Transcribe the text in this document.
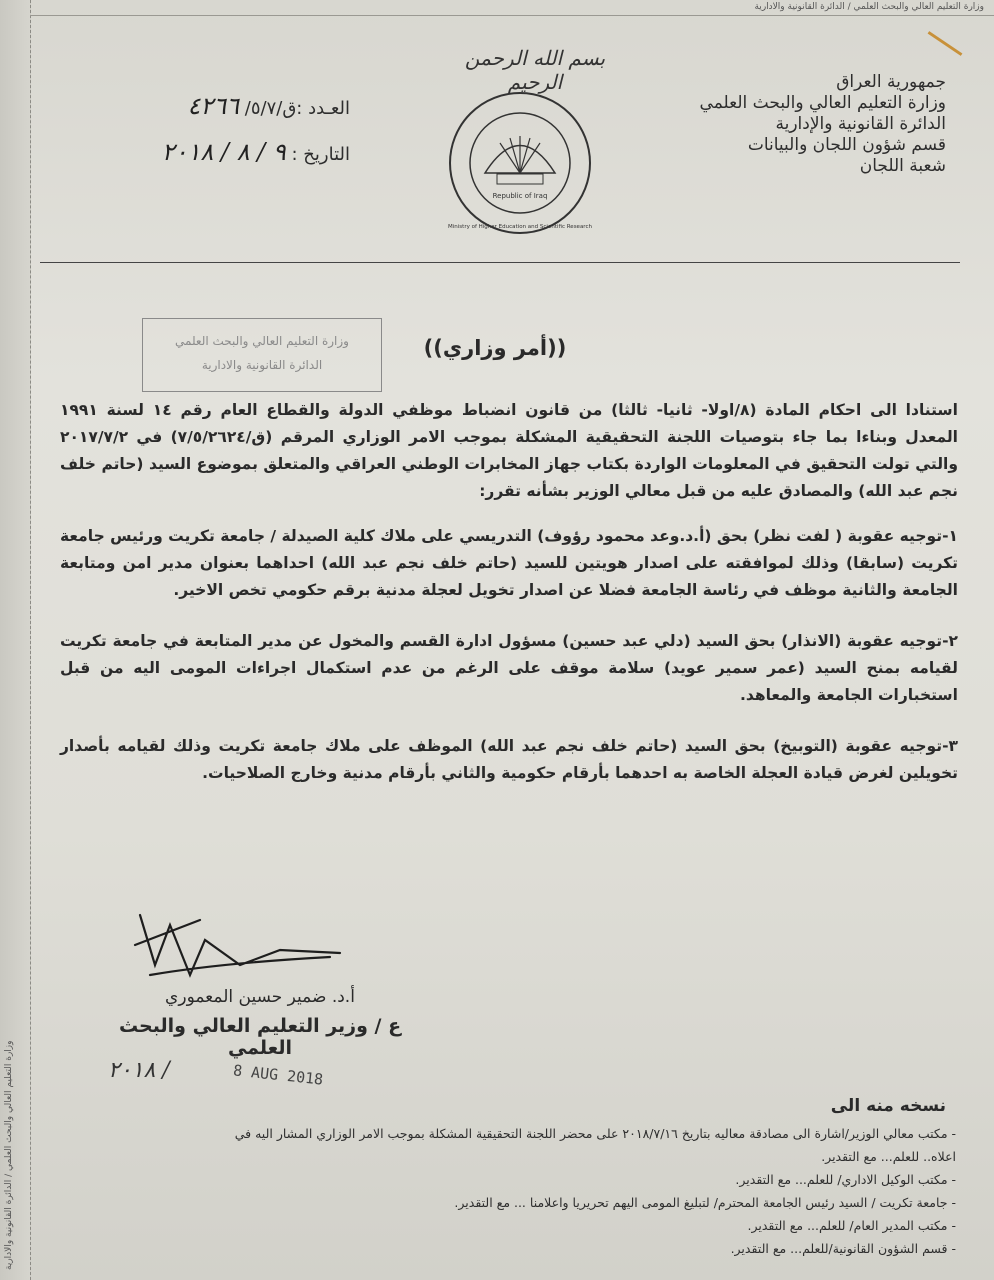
وزارة التعليم العالي والبحث العلمي / الدائرة القانونية والادارية
وزارة التعليم العالي والبحث العلمي / الدائرة القانونية والادارية
بسم الله الرحمن الرحيم	جمهورية العراق
وزارة التعليم العالي والبحث العلمي
الدائرة القانونية والإدارية
قسم شؤون اللجان والبيانات
شعبة اللجان
Republic of Iraq
Ministry of Higher Education and Scientific Research
العـدد :ق/٥/٧/ ٤٢٦٦
التاريخ : ٩ / ٨ / ٢٠١٨
وزارة التعليم العالي والبحث العلمي
الدائرة القانونية والادارية
((أمر وزاري))

استنادا الى احكام المادة (٨/اولا- ثانيا- ثالثا) من قانون انضباط موظفي الدولة والقطاع العام رقم ١٤ لسنة ١٩٩١ المعدل وبناءا بما جاء بتوصيات اللجنة التحقيقية المشكلة بموجب الامر الوزاري المرقم (ق/٧/٥/٢٦٢٤) في ٢٠١٧/٧/٢ والتي تولت التحقيق في المعلومات الواردة بكتاب جهاز المخابرات الوطني العراقي والمتعلق بموضوع السيد (حاتم خلف نجم عبد الله) والمصادق عليه من قبل معالي الوزير بشأنه تقرر:

١-توجيه عقوبة ( لفت نظر) بحق (أ.د.وعد محمود رؤوف) التدريسي على ملاك كلية الصيدلة / جامعة تكريت ورئيس جامعة تكريت (سابقا) وذلك لموافقته على اصدار هويتين للسيد (حاتم خلف نجم عبد الله) احداهما بعنوان مدير امن ومتابعة الجامعة والثانية موظف في رئاسة الجامعة فضلا عن اصدار تخويل لعجلة مدنية برقم حكومي تخص الاخير.

٢-توجيه عقوبة (الانذار) بحق السيد (دلي عبد حسين) مسؤول ادارة القسم والمخول عن مدير المتابعة في جامعة تكريت لقيامه بمنح السيد (عمر سمير عويد) سلامة موقف على الرغم من عدم استكمال اجراءات المومى اليه من قبل استخبارات الجامعة والمعاهد.

٣-توجيه عقوبة (التوبيخ) بحق السيد (حاتم خلف نجم عبد الله) الموظف على ملاك جامعة تكريت وذلك لقيامه بأصدار تخويلين لغرض قيادة العجلة الخاصة به احدهما بأرقام حكومية والثاني بأرقام مدنية وخارج الصلاحيات.

أ.د. ضمير حسين المعموري
ع / وزير التعليم العالي والبحث العلمي
/ ٢٠١٨	8 AUG 2018
نسخه منه الى
- مكتب معالي الوزير/اشارة الى مصادقة معاليه بتاريخ ٢٠١٨/٧/١٦ على محضر اللجنة التحقيقية المشكلة بموجب الامر الوزاري المشار اليه في
اعلاه.. للعلم... مع التقدير.
- مكتب الوكيل الاداري/ للعلم... مع التقدير.
- جامعة تكريت / السيد رئيس الجامعة المحترم/ لتبليغ المومى اليهم تحريريا واعلامنا ... مع التقدير.
- مكتب المدير العام/ للعلم... مع التقدير.
- قسم الشؤون القانونية/للعلم... مع التقدير.
